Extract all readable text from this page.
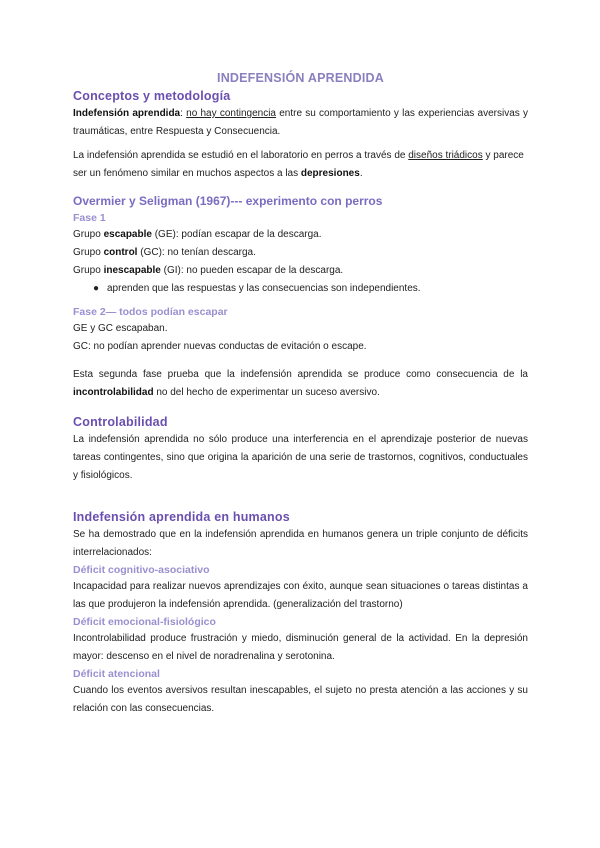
INDEFENSIÓN APRENDIDA
Conceptos y metodología

Indefensión aprendida: no hay contingencia entre su comportamiento y las experiencias aversivas y traumáticas, entre Respuesta y Consecuencia.

La indefensión aprendida se estudió en el laboratorio en perros a través de diseños triádicos y parece ser un fenómeno similar en muchos aspectos a las depresiones.

Overmier y Seligman (1967)--- experimento con perros
Fase 1

Grupo escapable (GE): podían escapar de la descarga.

Grupo control (GC): no tenían descarga.

Grupo inescapable (GI): no pueden escapar de la descarga.

● aprenden que las respuestas y las consecuencias son independientes.
Fase 2— todos podían escapar

GE y GC escapaban.

GC: no podían aprender nuevas conductas de evitación o escape.

Esta segunda fase prueba que la indefensión aprendida se produce como consecuencia de la incontrolabilidad no del hecho de experimentar un suceso aversivo.

Controlabilidad

La indefensión aprendida no sólo produce una interferencia en el aprendizaje posterior de nuevas tareas contingentes, sino que origina la aparición de una serie de trastornos, cognitivos, conductuales y fisiológicos.

Indefensión aprendida en humanos

Se ha demostrado que en la indefensión aprendida en humanos genera un triple conjunto de déficits interrelacionados:

Déficit cognitivo-asociativo

Incapacidad para realizar nuevos aprendizajes con éxito, aunque sean situaciones o tareas distintas a las que produjeron la indefensión aprendida. (generalización del trastorno)

Déficit emocional-fisiológico

Incontrolabilidad produce frustración y miedo, disminución general de la actividad. En la depresión mayor: descenso en el nivel de noradrenalina y serotonina.

Déficit atencional

Cuando los eventos aversivos resultan inescapables, el sujeto no presta atención a las acciones y su relación con las consecuencias.
